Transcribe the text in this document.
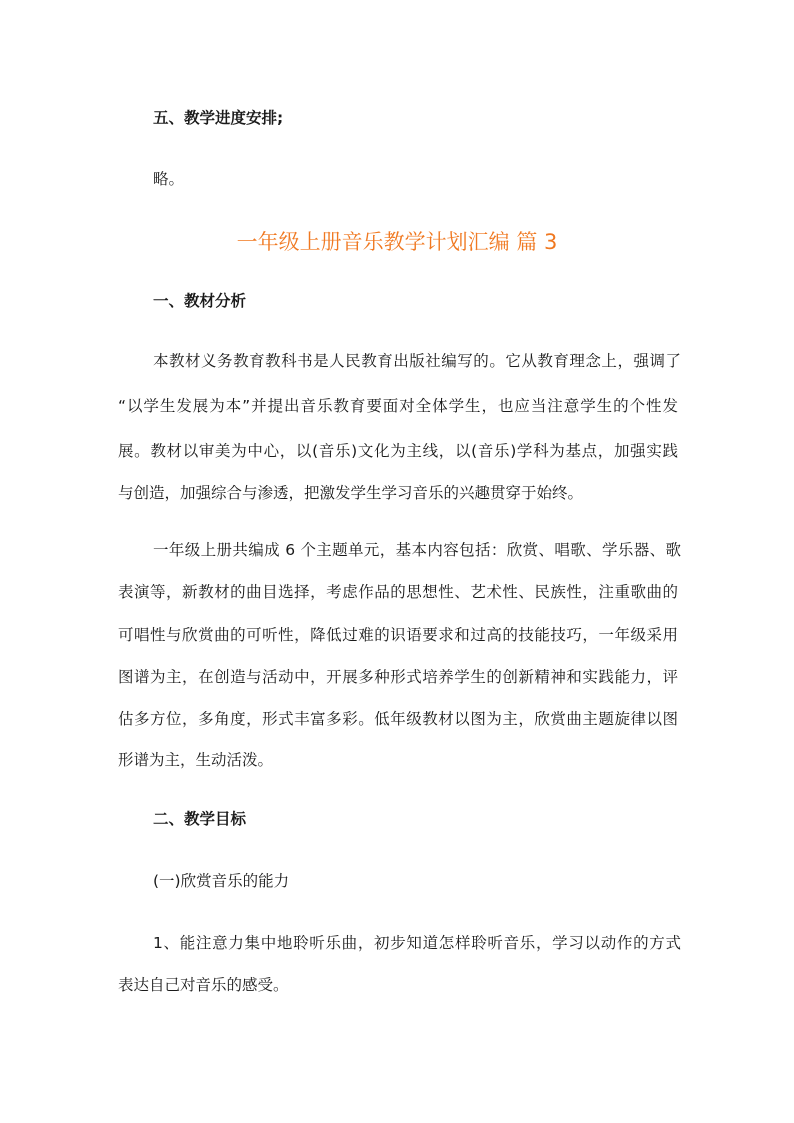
五、教学进度安排;
略。
一年级上册音乐教学计划汇编 篇 3
一、教材分析
本教材义务教育教科书是人民教育出版社编写的。它从教育理念上，强调了
“以学生发展为本”并提出音乐教育要面对全体学生，也应当注意学生的个性发
展。教材以审美为中心，以(音乐)文化为主线，以(音乐)学科为基点，加强实践
与创造，加强综合与渗透，把激发学生学习音乐的兴趣贯穿于始终。
一年级上册共编成 6 个主题单元，基本内容包括：欣赏、唱歌、学乐器、歌
表演等，新教材的曲目选择，考虑作品的思想性、艺术性、民族性，注重歌曲的
可唱性与欣赏曲的可听性，降低过难的识语要求和过高的技能技巧，一年级采用
图谱为主，在创造与活动中，开展多种形式培养学生的创新精神和实践能力，评
估多方位，多角度，形式丰富多彩。低年级教材以图为主，欣赏曲主题旋律以图
形谱为主，生动活泼。
二、教学目标
(一)欣赏音乐的能力
1、能注意力集中地聆听乐曲，初步知道怎样聆听音乐，学习以动作的方式
表达自己对音乐的感受。
